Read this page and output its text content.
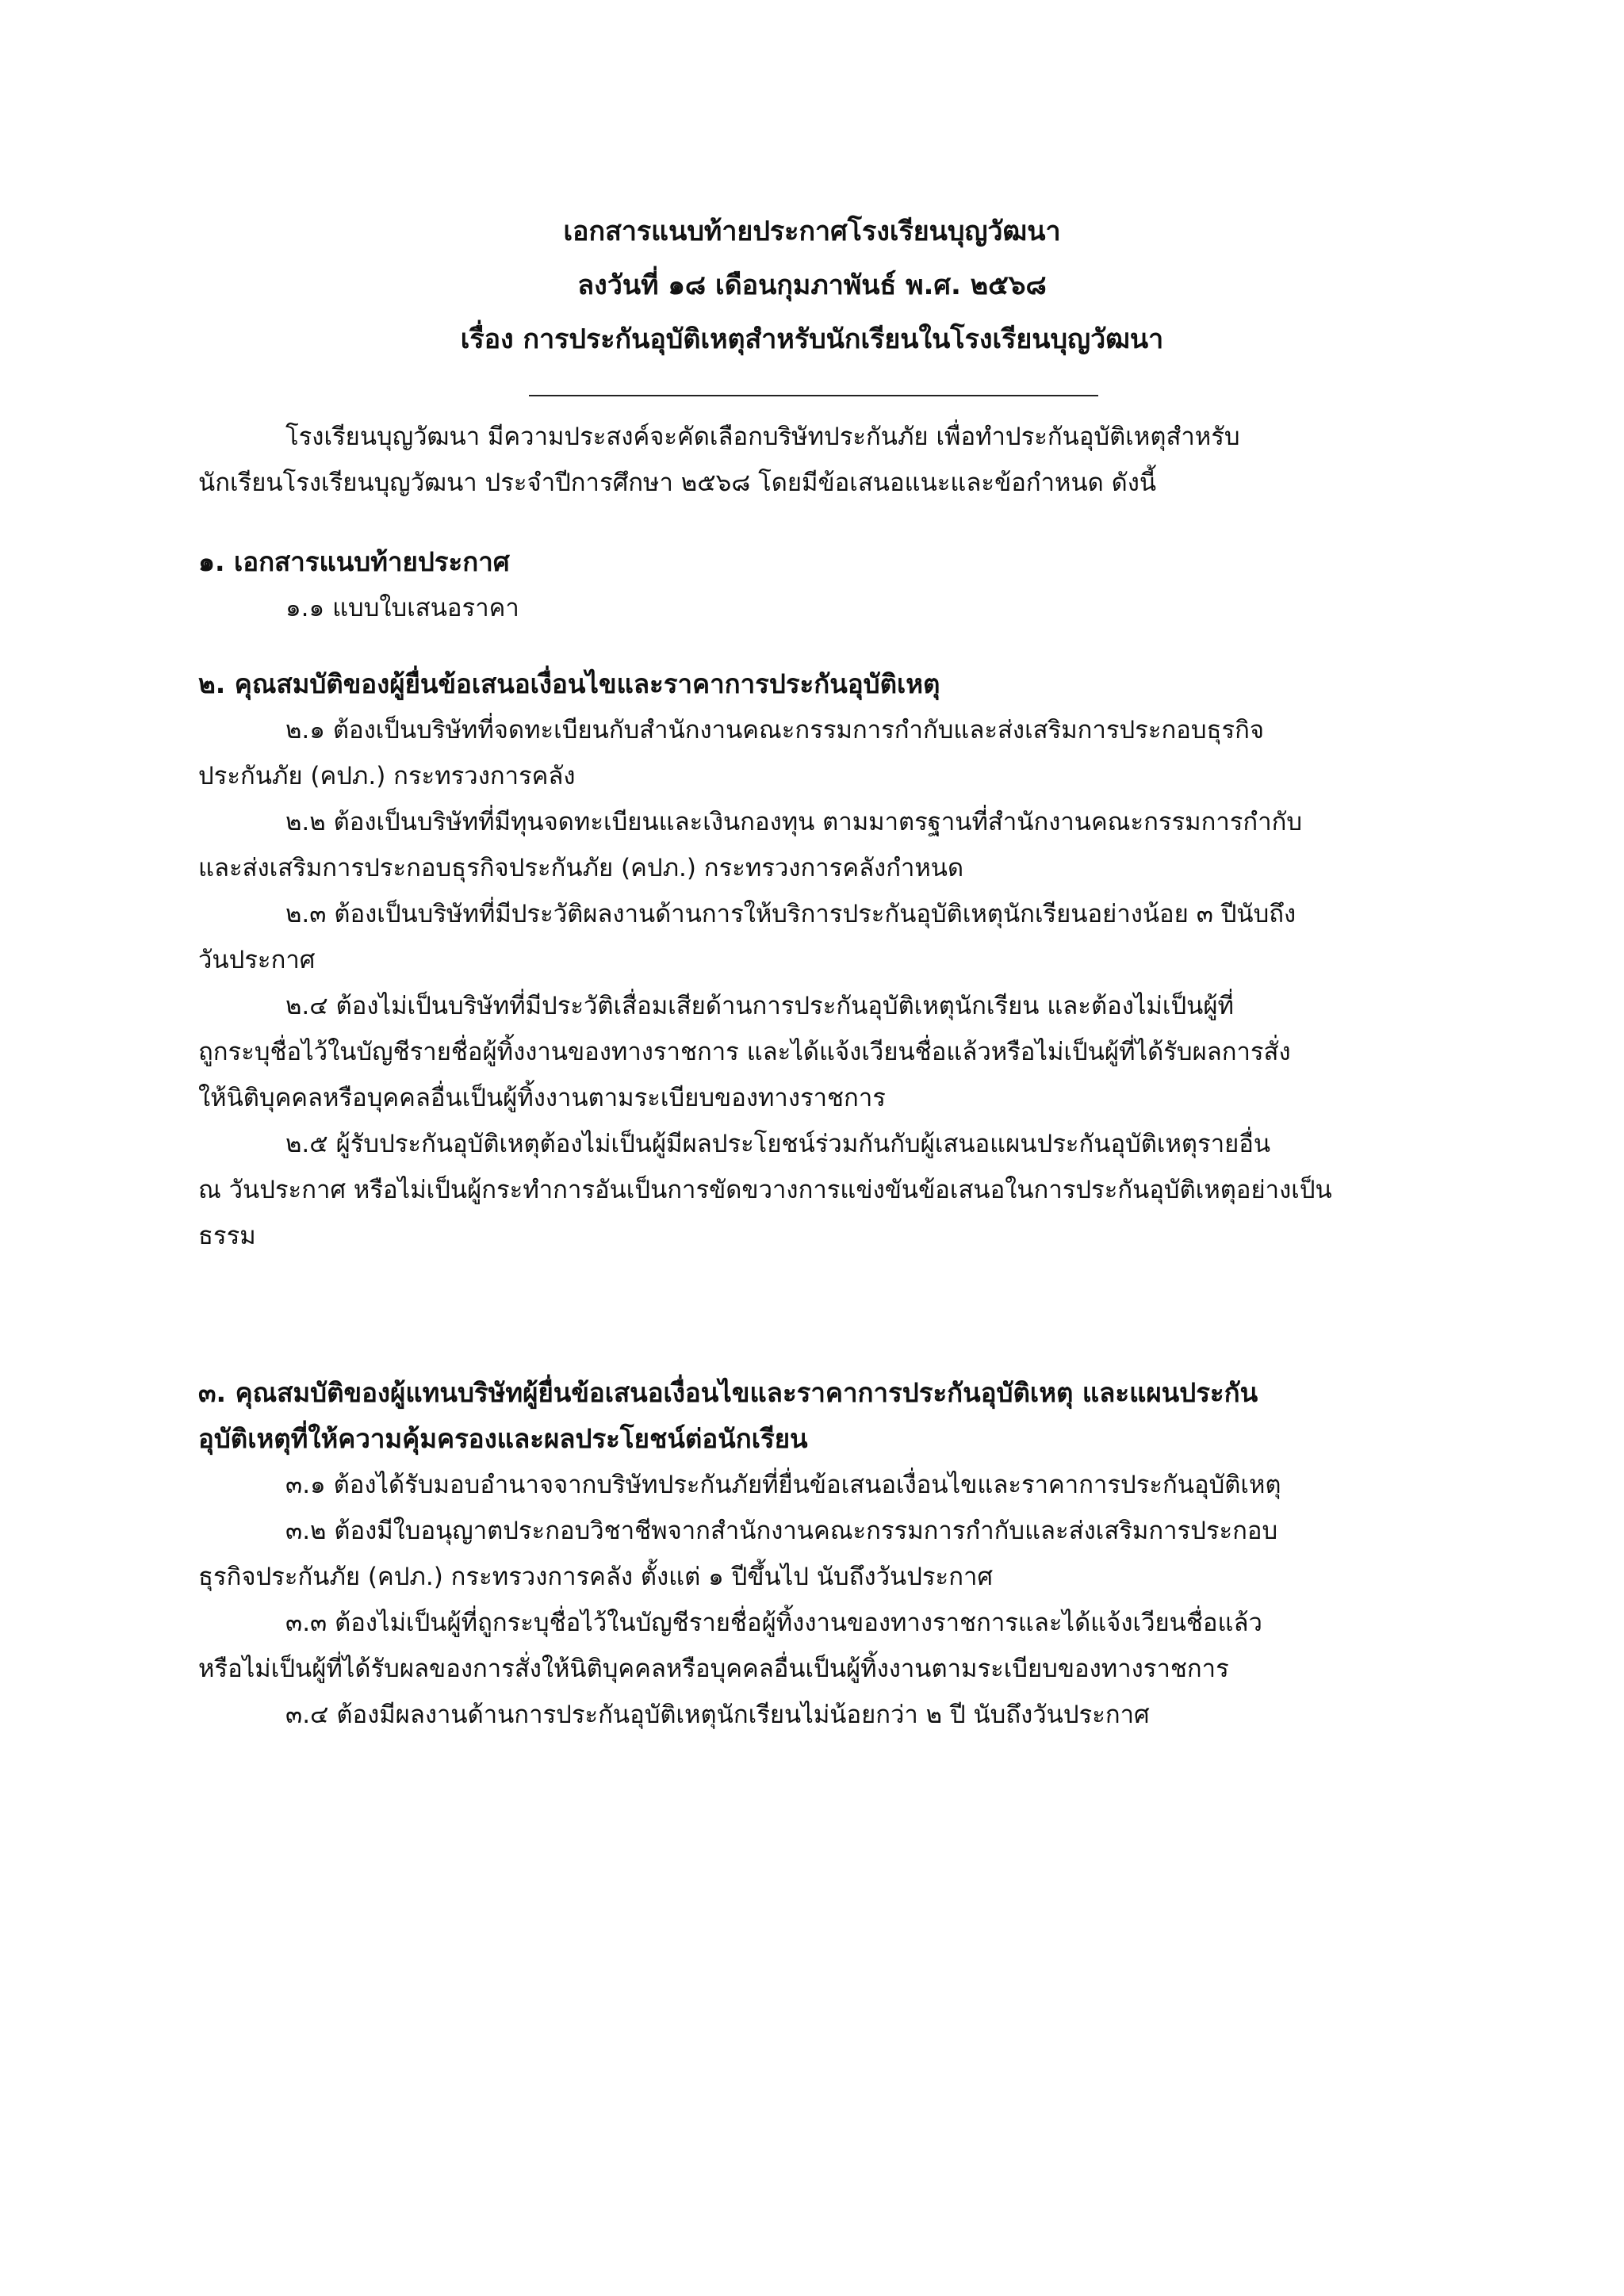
เอกสารแนบท้ายประกาศโรงเรียนบุญวัฒนา
ลงวันที่ ๑๘ เดือนกุมภาพันธ์ พ.ศ. ๒๕๖๘
เรื่อง การประกันอุบัติเหตุสำหรับนักเรียนในโรงเรียนบุญวัฒนา

โรงเรียนบุญวัฒนา มีความประสงค์จะคัดเลือกบริษัทประกันภัย เพื่อทำประกันอุบัติเหตุสำหรับ

นักเรียนโรงเรียนบุญวัฒนา ประจำปีการศึกษา ๒๕๖๘ โดยมีข้อเสนอแนะและข้อกำหนด ดังนี้

๑. เอกสารแนบท้ายประกาศ

๑.๑ แบบใบเสนอราคา

๒. คุณสมบัติของผู้ยื่นข้อเสนอเงื่อนไขและราคาการประกันอุบัติเหตุ

๒.๑ ต้องเป็นบริษัทที่จดทะเบียนกับสำนักงานคณะกรรมการกำกับและส่งเสริมการประกอบธุรกิจ

ประกันภัย (คปภ.) กระทรวงการคลัง

๒.๒ ต้องเป็นบริษัทที่มีทุนจดทะเบียนและเงินกองทุน ตามมาตรฐานที่สำนักงานคณะกรรมการกำกับ

และส่งเสริมการประกอบธุรกิจประกันภัย (คปภ.) กระทรวงการคลังกำหนด

๒.๓ ต้องเป็นบริษัทที่มีประวัติผลงานด้านการให้บริการประกันอุบัติเหตุนักเรียนอย่างน้อย ๓ ปีนับถึง

วันประกาศ

๒.๔ ต้องไม่เป็นบริษัทที่มีประวัติเสื่อมเสียด้านการประกันอุบัติเหตุนักเรียน และต้องไม่เป็นผู้ที่

ถูกระบุชื่อไว้ในบัญชีรายชื่อผู้ทิ้งงานของทางราชการ และได้แจ้งเวียนชื่อแล้วหรือไม่เป็นผู้ที่ได้รับผลการสั่ง

ให้นิติบุคคลหรือบุคคลอื่นเป็นผู้ทิ้งงานตามระเบียบของทางราชการ

๒.๕ ผู้รับประกันอุบัติเหตุต้องไม่เป็นผู้มีผลประโยชน์ร่วมกันกับผู้เสนอแผนประกันอุบัติเหตุรายอื่น

ณ วันประกาศ หรือไม่เป็นผู้กระทำการอันเป็นการขัดขวางการแข่งขันข้อเสนอในการประกันอุบัติเหตุอย่างเป็น

ธรรม

๓. คุณสมบัติของผู้แทนบริษัทผู้ยื่นข้อเสนอเงื่อนไขและราคาการประกันอุบัติเหตุ และแผนประกัน

อุบัติเหตุที่ให้ความคุ้มครองและผลประโยชน์ต่อนักเรียน

๓.๑ ต้องได้รับมอบอำนาจจากบริษัทประกันภัยที่ยื่นข้อเสนอเงื่อนไขและราคาการประกันอุบัติเหตุ

๓.๒ ต้องมีใบอนุญาตประกอบวิชาชีพจากสำนักงานคณะกรรมการกำกับและส่งเสริมการประกอบ

ธุรกิจประกันภัย (คปภ.) กระทรวงการคลัง ตั้งแต่ ๑ ปีขึ้นไป นับถึงวันประกาศ

๓.๓ ต้องไม่เป็นผู้ที่ถูกระบุชื่อไว้ในบัญชีรายชื่อผู้ทิ้งงานของทางราชการและได้แจ้งเวียนชื่อแล้ว

หรือไม่เป็นผู้ที่ได้รับผลของการสั่งให้นิติบุคคลหรือบุคคลอื่นเป็นผู้ทิ้งงานตามระเบียบของทางราชการ

๓.๔ ต้องมีผลงานด้านการประกันอุบัติเหตุนักเรียนไม่น้อยกว่า ๒ ปี นับถึงวันประกาศ
